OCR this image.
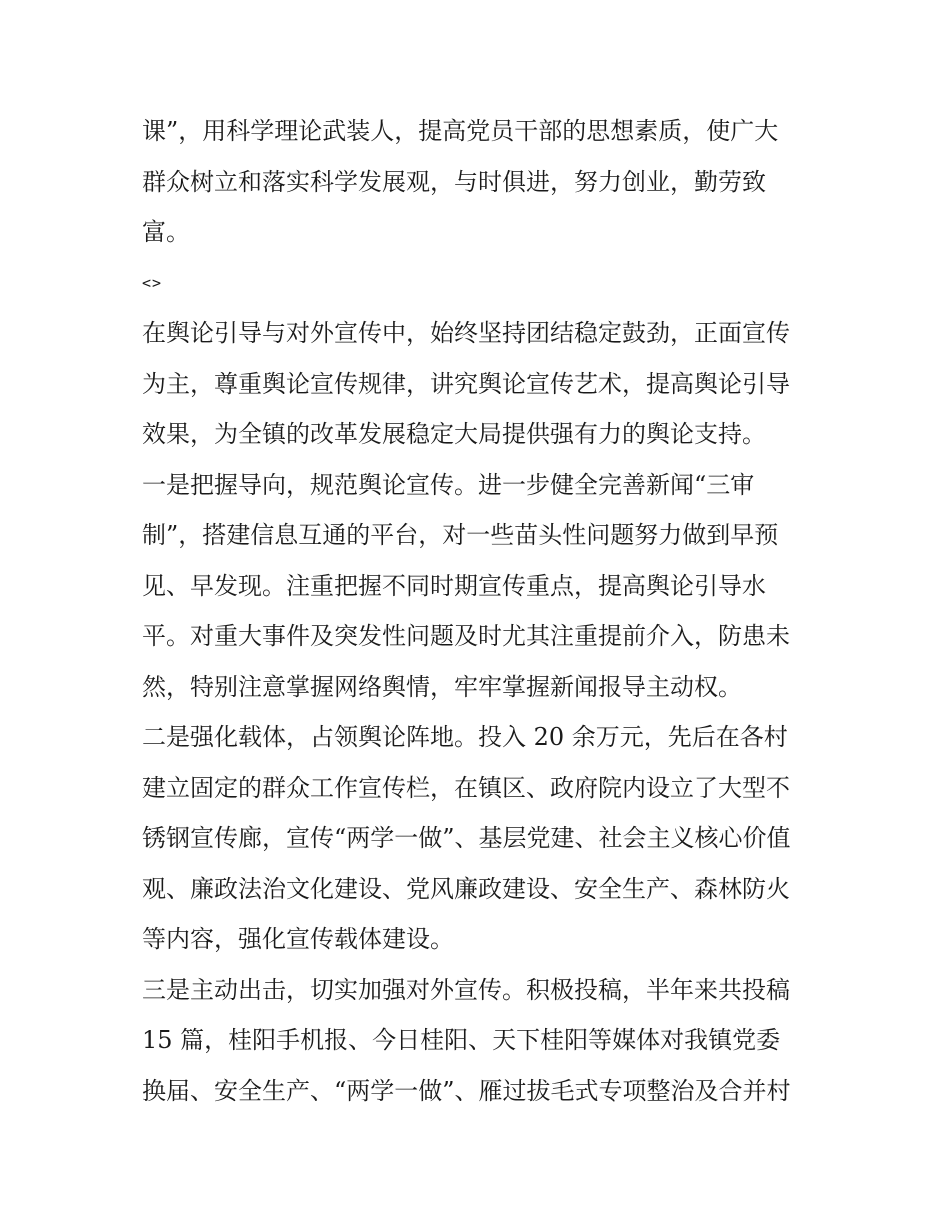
课”，用科学理论武装人，提高党员干部的思想素质，使广大
群众树立和落实科学发展观，与时俱进，努力创业，勤劳致
富。
<>
在舆论引导与对外宣传中，始终坚持团结稳定鼓劲，正面宣传
为主，尊重舆论宣传规律，讲究舆论宣传艺术，提高舆论引导
效果，为全镇的改革发展稳定大局提供强有力的舆论支持。
一是把握导向，规范舆论宣传。进一步健全完善新闻“三审
制”，搭建信息互通的平台，对一些苗头性问题努力做到早预
见、早发现。注重把握不同时期宣传重点，提高舆论引导水
平。对重大事件及突发性问题及时尤其注重提前介入，防患未
然，特别注意掌握网络舆情，牢牢掌握新闻报导主动权。
二是强化载体，占领舆论阵地。投入 20 余万元，先后在各村
建立固定的群众工作宣传栏，在镇区、政府院内设立了大型不
锈钢宣传廊，宣传“两学一做”、基层党建、社会主义核心价值
观、廉政法治文化建设、党风廉政建设、安全生产、森林防火
等内容，强化宣传载体建设。
三是主动出击，切实加强对外宣传。积极投稿，半年来共投稿
15 篇，桂阳手机报、今日桂阳、天下桂阳等媒体对我镇党委
换届、安全生产、“两学一做”、雁过拔毛式专项整治及合并村
